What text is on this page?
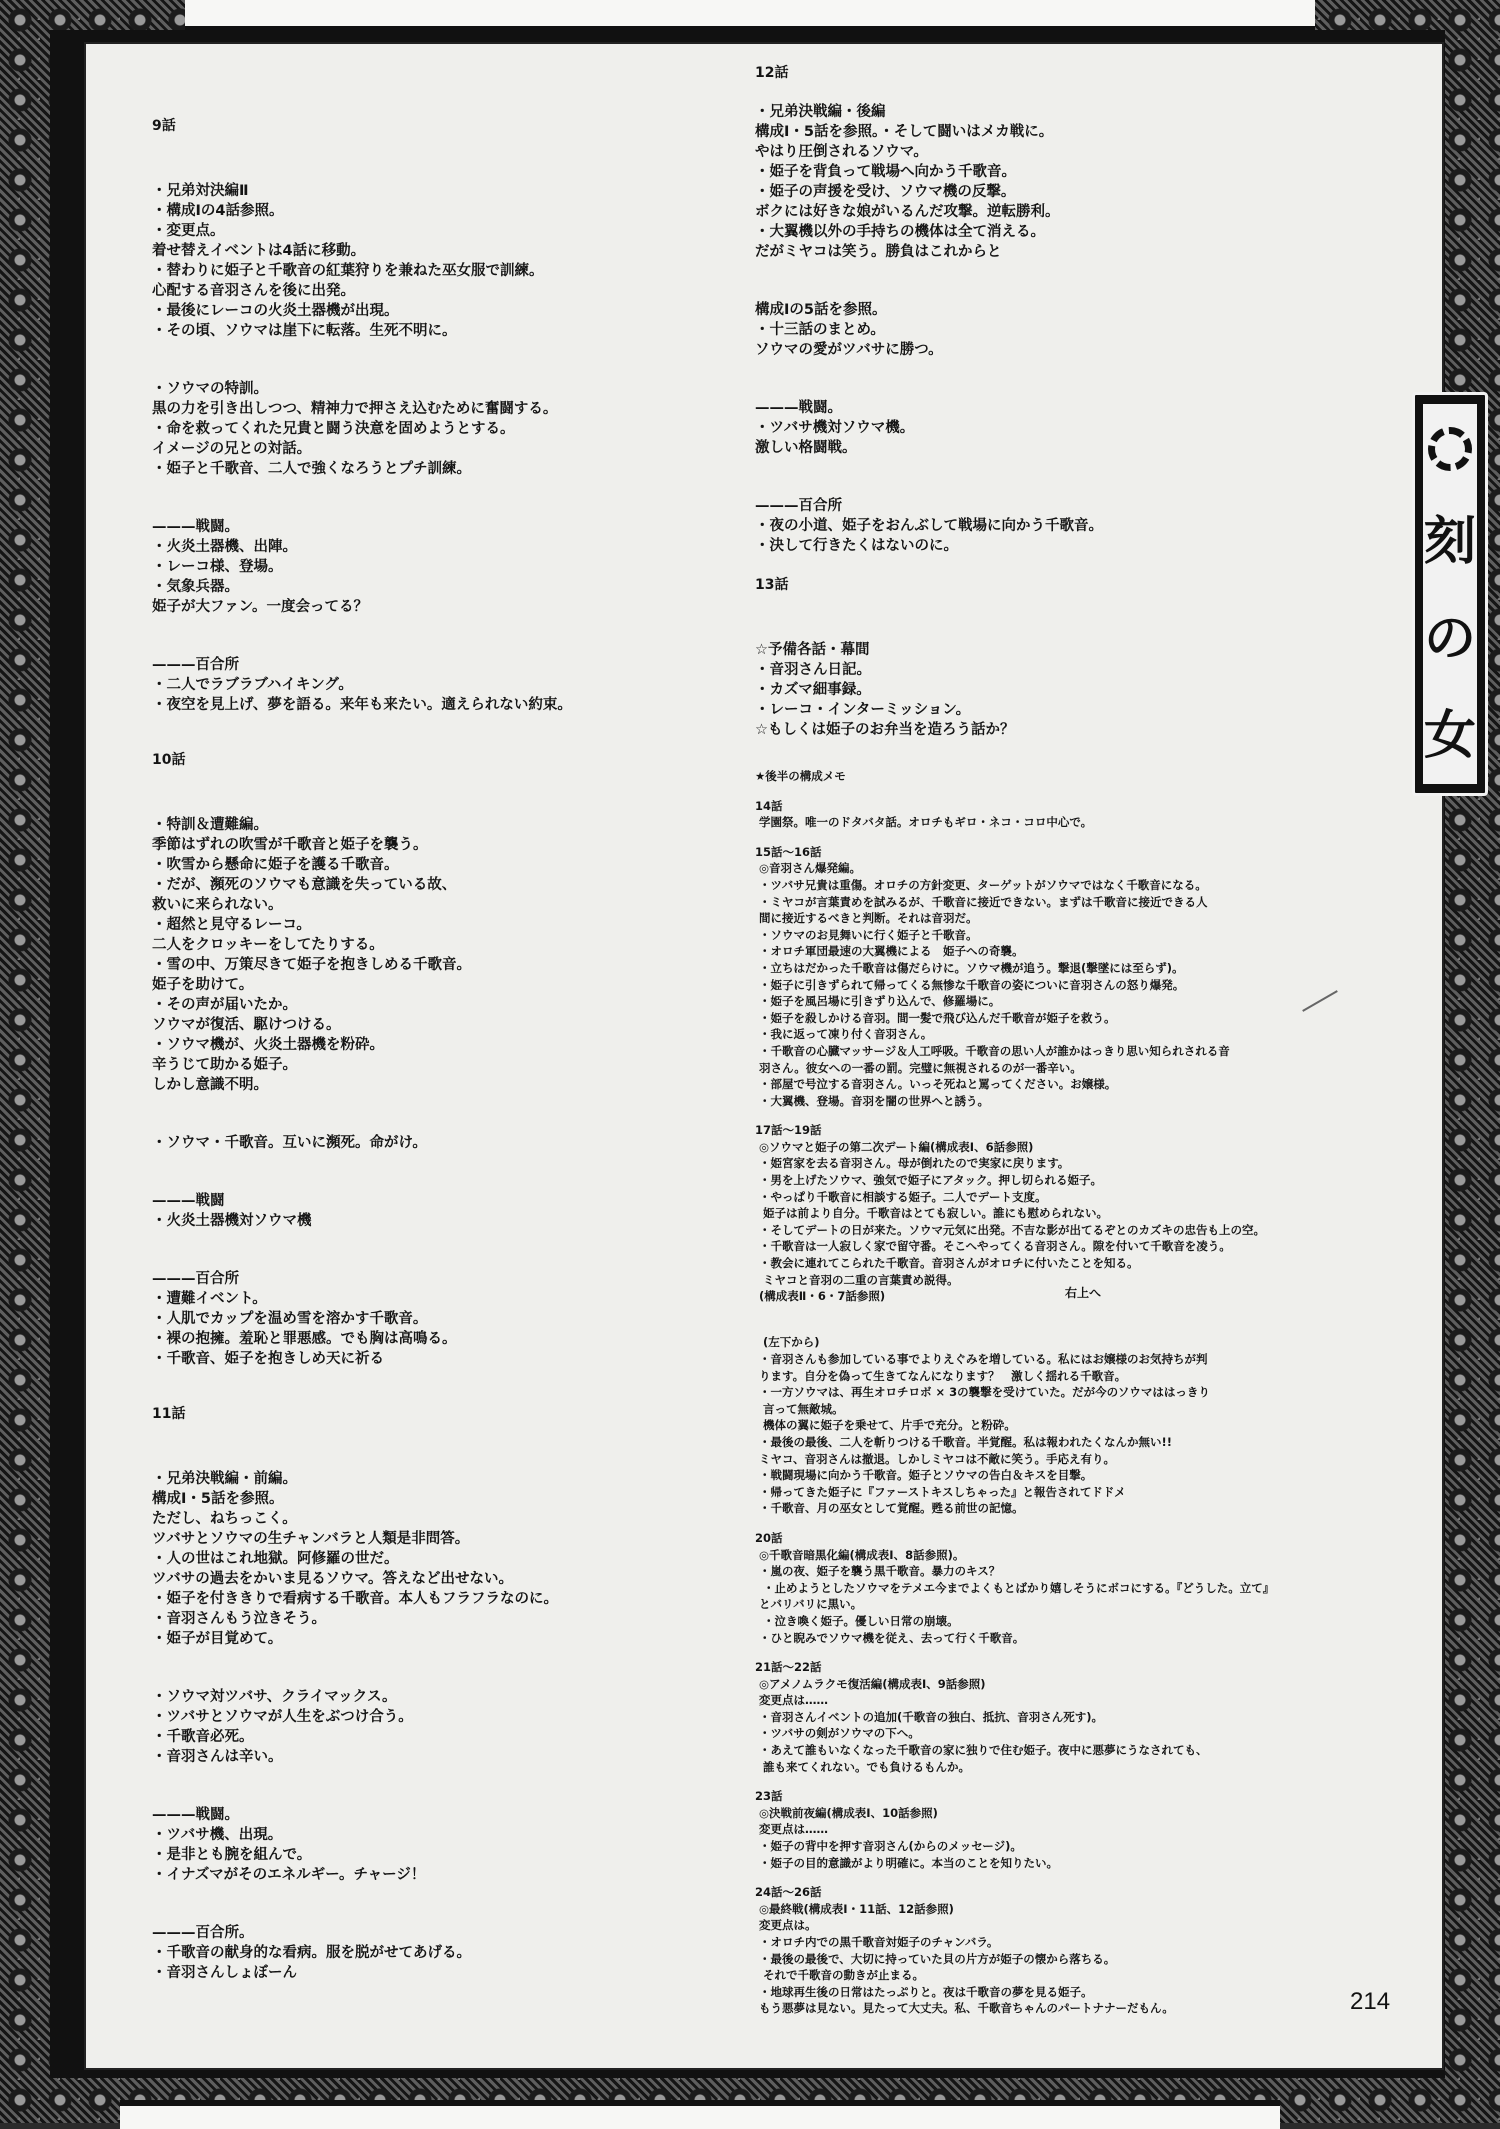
刻
の
女
9話
・兄弟対決編Ⅱ
・構成Ⅰの4話参照。
・変更点。
着せ替えイベントは4話に移動。
・替わりに姫子と千歌音の紅葉狩りを兼ねた巫女服で訓練。
心配する音羽さんを後に出発。
・最後にレーコの火炎土器機が出現。
・その頃、ソウマは崖下に転落。生死不明に。

・ソウマの特訓。
黒の力を引き出しつつ、精神力で押さえ込むために奮闘する。
・命を救ってくれた兄貴と闘う決意を固めようとする。
イメージの兄との対話。
・姫子と千歌音、二人で強くなろうとプチ訓練。

———戦闘。
・火炎土器機、出陣。
・レーコ様、登場。
・気象兵器。
姫子が大ファン。一度会ってる？

———百合所
・二人でラブラブハイキング。
・夜空を見上げ、夢を語る。来年も来たい。適えられない約束。
10話
・特訓＆遭難編。
季節はずれの吹雪が千歌音と姫子を襲う。
・吹雪から懸命に姫子を護る千歌音。
・だが、瀕死のソウマも意識を失っている故、
救いに来られない。
・超然と見守るレーコ。
二人をクロッキーをしてたりする。
・雪の中、万策尽きて姫子を抱きしめる千歌音。
姫子を助けて。
・その声が届いたか。
ソウマが復活、駆けつける。
・ソウマ機が、火炎土器機を粉砕。
辛うじて助かる姫子。
しかし意識不明。

・ソウマ・千歌音。互いに瀕死。命がけ。

———戦闘
・火炎土器機対ソウマ機

———百合所
・遭難イベント。
・人肌でカップを温め雪を溶かす千歌音。
・裸の抱擁。羞恥と罪悪感。でも胸は高鳴る。
・千歌音、姫子を抱きしめ天に祈る
11話
・兄弟決戦編・前編。
構成Ⅰ・5話を参照。
ただし、ねちっこく。
ツバサとソウマの生チャンバラと人類是非問答。
・人の世はこれ地獄。阿修羅の世だ。
ツバサの過去をかいま見るソウマ。答えなど出せない。
・姫子を付ききりで看病する千歌音。本人もフラフラなのに。
・音羽さんもう泣きそう。
・姫子が目覚めて。

・ソウマ対ツバサ、クライマックス。
・ツバサとソウマが人生をぶつけ合う。
・千歌音必死。
・音羽さんは辛い。

———戦闘。
・ツバサ機、出現。
・是非とも腕を組んで。
・イナズマがそのエネルギー。チャージ！

———百合所。
・千歌音の献身的な看病。服を脱がせてあげる。
・音羽さんしょぼーん
12話

・兄弟決戦編・後編
構成Ⅰ・5話を参照。・そして闘いはメカ戦に。
やはり圧倒されるソウマ。
・姫子を背負って戦場へ向かう千歌音。
・姫子の声援を受け、ソウマ機の反撃。
ボクには好きな娘がいるんだ攻撃。逆転勝利。
・大翼機以外の手持ちの機体は全て消える。
だがミヤコは笑う。勝負はこれからと

構成Ⅰの5話を参照。
・十三話のまとめ。
ソウマの愛がツバサに勝つ。

———戦闘。
・ツバサ機対ソウマ機。
激しい格闘戦。

———百合所
・夜の小道、姫子をおんぶして戦場に向かう千歌音。
・決して行きたくはないのに。
13話
☆予備各話・幕間
・音羽さん日記。
・カズマ細事録。
・レーコ・インターミッション。
☆もしくは姫子のお弁当を造ろう話か？
★後半の構成メモ
14話
学園祭。唯一のドタバタ話。オロチもギロ・ネコ・コロ中心で。
15話～16話
◎音羽さん爆発編。
・ツバサ兄貴は重傷。オロチの方針変更、ターゲットがソウマではなく千歌音になる。
・ミヤコが言葉責めを試みるが、千歌音に接近できない。まずは千歌音に接近できる人
間に接近するべきと判断。それは音羽だ。
・ソウマのお見舞いに行く姫子と千歌音。
・オロチ軍団最速の大翼機による　姫子への奇襲。
・立ちはだかった千歌音は傷だらけに。ソウマ機が追う。撃退(撃墜には至らず)。
・姫子に引きずられて帰ってくる無惨な千歌音の姿についに音羽さんの怒り爆発。
・姫子を風呂場に引きずり込んで、修羅場に。
・姫子を殺しかける音羽。間一髪で飛び込んだ千歌音が姫子を救う。
・我に返って凍り付く音羽さん。
・千歌音の心臓マッサージ＆人工呼吸。千歌音の思い人が誰かはっきり思い知られされる音
羽さん。彼女への一番の罰。完璧に無視されるのが一番辛い。
・部屋で号泣する音羽さん。いっそ死ねと罵ってください。お嬢様。
・大翼機、登場。音羽を闇の世界へと誘う。
17話～19話
◎ソウマと姫子の第二次デート編(構成表Ⅰ、6話参照)
・姫宮家を去る音羽さん。母が倒れたので実家に戻ります。
・男を上げたソウマ、強気で姫子にアタック。押し切られる姫子。
・やっぱり千歌音に相談する姫子。二人でデート支度。
姫子は前より自分。千歌音はとても寂しい。誰にも慰められない。
・そしてデートの日が来た。ソウマ元気に出発。不吉な影が出てるぞとのカズキの忠告も上の空。
・千歌音は一人寂しく家で留守番。そこへやってくる音羽さん。隙を付いて千歌音を凌う。
・教会に連れてこられた千歌音。音羽さんがオロチに付いたことを知る。
ミヤコと音羽の二重の言葉責め説得。
(構成表Ⅱ・6・7話参照)

(左下から)
・音羽さんも参加している事でよりえぐみを増している。私にはお嬢様のお気持ちが判
ります。自分を偽って生きてなんになります？　激しく揺れる千歌音。
・一方ソウマは、再生オロチロボ × 3の襲撃を受けていた。だが今のソウマははっきり
言って無敵城。
機体の翼に姫子を乗せて、片手で充分。と粉砕。
・最後の最後、二人を斬りつける千歌音。半覚醒。私は報われたくなんか無い!!
ミヤコ、音羽さんは撤退。しかしミヤコは不敵に笑う。手応え有り。
・戦闘現場に向かう千歌音。姫子とソウマの告白＆キスを目撃。
・帰ってきた姫子に『ファーストキスしちゃった』と報告されてドドメ
・千歌音、月の巫女として覚醒。甦る前世の記憶。
20話
◎千歌音暗黒化編(構成表Ⅰ、8話参照)。
・嵐の夜、姫子を襲う黒千歌音。暴力のキス？
・止めようとしたソウマをテメエ今までよくもとばかり嬉しそうにボコにする。『どうした。立て』
とバリバリに黒い。
・泣き喚く姫子。優しい日常の崩壊。
・ひと睨みでソウマ機を従え、去って行く千歌音。
21話～22話
◎アメノムラクモ復活編(構成表Ⅰ、9話参照)
変更点は……
・音羽さんイベントの追加(千歌音の独白、抵抗、音羽さん死す)。
・ツバサの剣がソウマの下へ。
・あえて誰もいなくなった千歌音の家に独りで住む姫子。夜中に悪夢にうなされても、
誰も来てくれない。でも負けるもんか。
23話
◎決戦前夜編(構成表Ⅰ、10話参照)
変更点は……
・姫子の背中を押す音羽さん(からのメッセージ)。
・姫子の目的意識がより明確に。本当のことを知りたい。
24話～26話
◎最終戦(構成表Ⅰ・11話、12話参照)
変更点は。
・オロチ内での黒千歌音対姫子のチャンバラ。
・最後の最後で、大切に持っていた貝の片方が姫子の懐から落ちる。
それで千歌音の動きが止まる。
・地球再生後の日常はたっぷりと。夜は千歌音の夢を見る姫子。
もう悪夢は見ない。見たって大丈夫。私、千歌音ちゃんのパートナナーだもん。
右上へ
214
